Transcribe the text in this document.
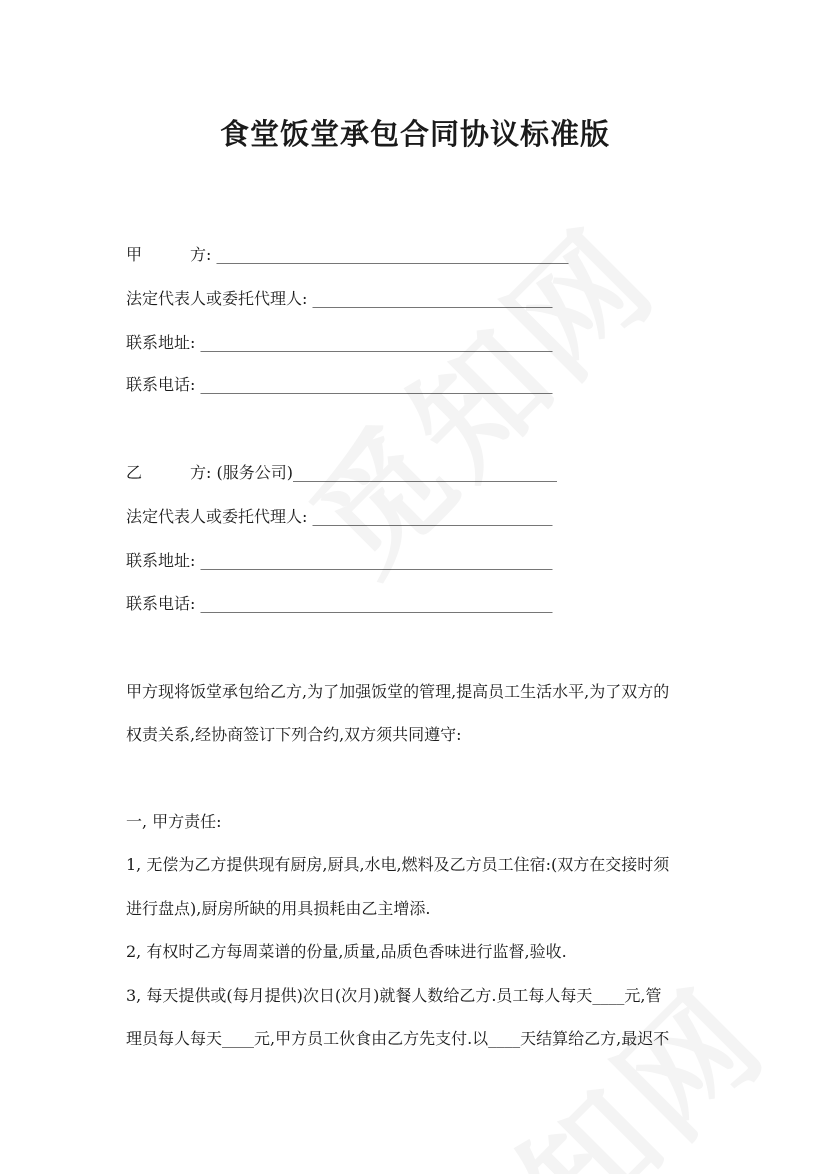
食堂饭堂承包合同协议标准版
甲　　　方: ____________________________________________
法定代表人或委托代理人: ______________________________
联系地址: ____________________________________________
联系电话: ____________________________________________
乙　　　方: (服务公司)_________________________________
法定代表人或委托代理人: ______________________________
联系地址: ____________________________________________
联系电话: ____________________________________________
甲方现将饭堂承包给乙方,为了加强饭堂的管理,提高员工生活水平,为了双方的
权责关系,经协商签订下列合约,双方须共同遵守:
一, 甲方责任:
1, 无偿为乙方提供现有厨房,厨具,水电,燃料及乙方员工住宿:(双方在交接时须
进行盘点),厨房所缺的用具损耗由乙主增添.
2, 有权时乙方每周菜谱的份量,质量,品质色香味进行监督,验收.
3, 每天提供或(每月提供)次日(次月)就餐人数给乙方.员工每人每天____元,管
理员每人每天____元,甲方员工伙食由乙方先支付.以____天结算给乙方,最迟不
